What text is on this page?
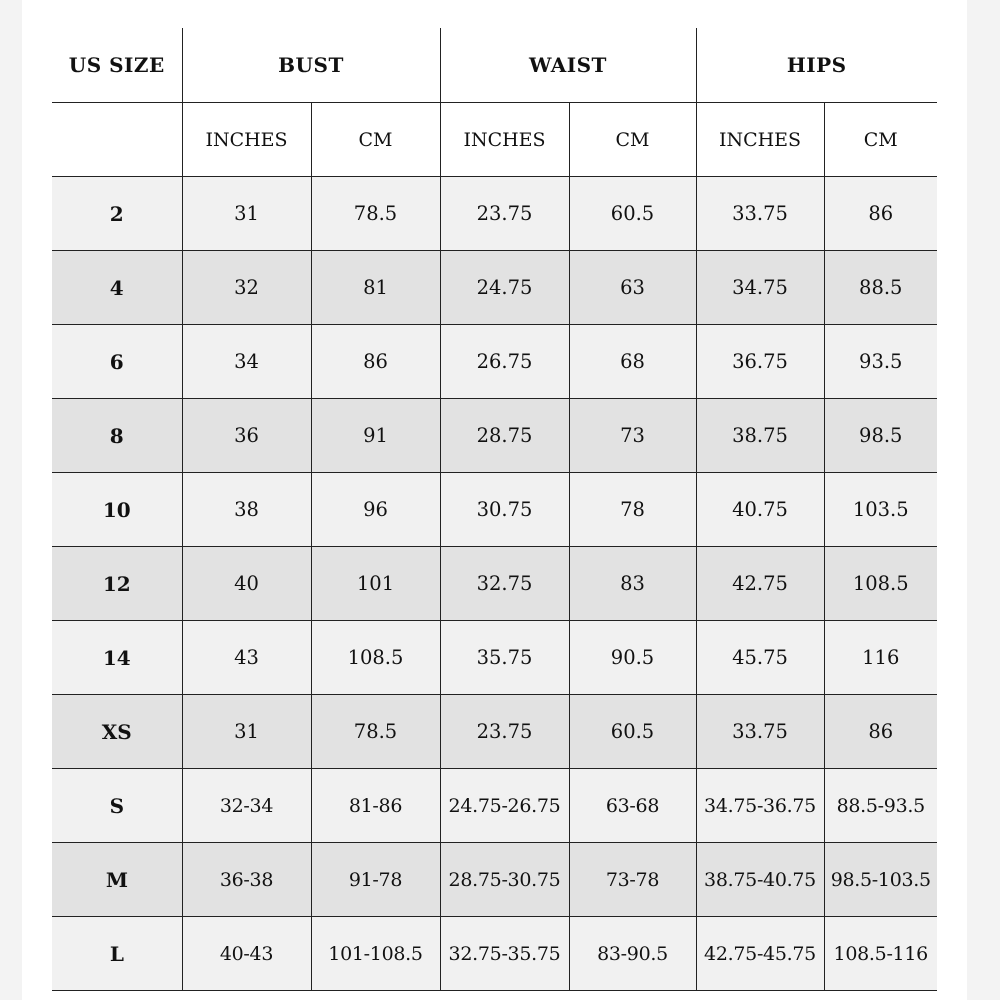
US SIZE	BUST		WAIST		HIPS	
	INCHES	CM	INCHES	CM	INCHES	CM
2	31	78.5	23.75	60.5	33.75	86
4	32	81	24.75	63	34.75	88.5
6	34	86	26.75	68	36.75	93.5
8	36	91	28.75	73	38.75	98.5
10	38	96	30.75	78	40.75	103.5
12	40	101	32.75	83	42.75	108.5
14	43	108.5	35.75	90.5	45.75	116
XS	31	78.5	23.75	60.5	33.75	86
S	32-34	81-86	24.75-26.75	63-68	34.75-36.75	88.5-93.5
M	36-38	91-78	28.75-30.75	73-78	38.75-40.75	98.5-103.5
L	40-43	101-108.5	32.75-35.75	83-90.5	42.75-45.75	108.5-116
